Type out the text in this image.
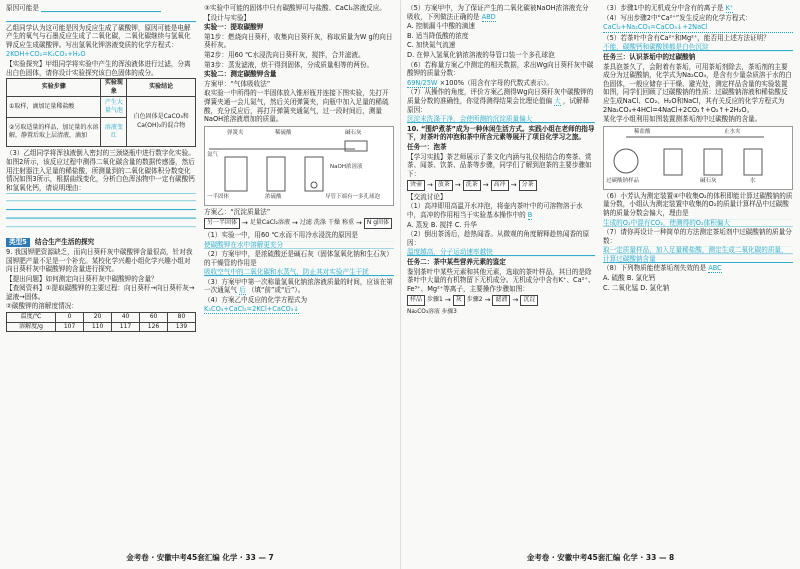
原因可能是

乙组同学认为这可能是因为反应生成了碳酸钾，原因可能是电解产生的氧气与石墨反应生成了二氧化碳，二氧化碳继续与氢氧化钾反应生成碳酸钾。写出氢氧化钾溶液变质的化学方程式：

2KOH+CO₂=K₂CO₃+H₂O

【实验探究】甲组同学将实验中产生的浑浊液体进行过滤，分离出白色固体，请你设计实验探究该白色固体的成分。

实验步骤	实验现象	实验结论
①取样，滴加足量稀盐酸	产生大量气泡	白色固体是CaCO₃和Ca(OH)₂的混合物
②另取适量的样品，加足量的水溶解，静置后取上层清液，滴加	溶液变红	

（3）乙组同学将浑浊液倒入密封的三颈烧瓶中进行数字化实验。如图2所示，该反应过程中测得二氧化碳含量的数据传感器，然后用注射器注入足量的稀盐酸，所测量到的二氧化碳体积分数变化情况如图3所示，根据曲线变化，分析白色浑浊物中一定有碳酸钙和氢氧化钙，请说明理由：

类型5 结合生产生活的探究

9. 我国钾肥资源缺乏，而向日葵秆灰中碳酸钾含量很高，针对我国钾肥产量不足是一个补充。某校化学兴趣小组化学兴趣小组对向日葵秆灰中碳酸钾的含量进行探究。

【提出问题】如何测定向日葵秆灰中碳酸钾的含量？

【查阅资料】①提取碳酸钾的主要过程：向日葵秆→向日葵秆灰→滤液→固体。

②碳酸钾的溶解度情况：

温度/℃	0	20	40	60	80
溶解度/g	107	110	117	126	139

③实验中可能的固体中只有碳酸钾可与盐酸、CaCl₂溶液反应。

【设计与实验】

实验一：提取碳酸钾

第1步：燃烧向日葵秆，收集向日葵秆灰，称取质量为W g的向日葵秆灰。

第2步：用60 ℃水浸洗向日葵秆灰，搅拌，合并滤液。

第3步：蒸发滤液，烘干得到固体，分成质量相等的两份。

实验二：测定碳酸钾含量

方案甲：“气体吸收法”

取实验一中所得的一半固体放入锥形瓶并连接下图实验，先打开弹簧夹通一会儿氮气，然后关闭弹簧夹，向瓶中加入足量的稀硫酸，充分反应后，再打开弹簧夹通氮气，过一段时间后，测量NaOH浓溶液增加的质量。

弹簧夹	稀硫酸	碱石灰
氮气
一半固体	浓硫酸
NaOH浓溶液
导管下端有一多孔球泡

方案乙：“沉淀质量法”

另一半固体 → 足量CaCl₂溶液 → 过滤 洗涤 干燥 称重 → N g固体

（1）实验一中，用60 ℃水而不用冷水浸洗的原因是

使碳酸钾在水中溶解更充分

（2）方案甲中，是浓硫酸还是碱石灰（固体氢氧化钠和生石灰）的干燥管的作用是

吸收空气中的二氧化碳和水蒸气，防止其对实验产生干扰

（3）方案甲中第一次称量氢氧化钠浓溶液质量的时间，应该在第一次通氮气 后 （填“前”或“后”）。

（4）方案乙中反应的化学方程式为 K₂CO₃+CaCl₂=2KCl+CaCO₃↓

金考卷 · 安徽中考45套汇编 化学 · 33 — 7

（5）方案甲中，为了保证产生的二氧化碳被NaOH浓溶液充分吸收，下列做法正确的是 ABD

A. 控制漏斗中酸的滴速

B. 适当降低酸的浓度

C. 加快氮气流速

D. 在伸入氢氧化钠浓溶液的导管口装一个多孔球泡

（6）若称量方案乙中测定的相关数据，求出Wg向日葵秆灰中碳酸钾的质量分数：

69N/25W ×100%（用含有字母的代数式表示）。

（7）从操作的角度，评价方案乙测得Wg向日葵秆灰中碳酸钾的质量分数的准确性，你觉得测得结果会比理论值偏 大 ，试解释原因：

沉淀未洗涤干净，会使所测的沉淀质量偏大

10. “围炉煮茶”成为一种休闲生活方式。实践小组在老师的指导下，对茶叶的冲泡和茶中所含元素等展开了项目化学习之旅。

任务一：泡茶

【学习实践】茶艺师展示了茶文化内涵与礼仪相结合的奏茶、赏茶、闻茶、饮茶、品茶等步骤，同学们了解到泡茶的主要步骤如下：

烫壶 → 放茶 → 洗茶 → 高冲 → 分茶

【交流讨论】

（1）高冲即用高温开水冲泡，将壶内茶叶中的可溶物溶于水中，高冲的作用相当于实验基本操作中的 B

A. 蒸发 B. 搅拌 C. 升华

（2）倒出茶汤后，趁热闻香。从微观的角度解释趁热闻香的原因：

温度越高，分子运动速率越快

任务二：茶中某些营养元素的鉴定

鉴别茶叶中某些元素和其他元素，选取的茶叶样品，其目的是除茶叶中大量的有机物留下无机成分。无机成分中含有K⁺、Ca²⁺、Fe³⁺、Mg²⁺等离子，主要操作步骤如图：

样品 步骤1 → 灰 步骤2 → 滤液 → 沉淀

Na₂CO₃溶液 步骤3

（3）步骤1中的无机成分中含有的离子是 K⁺

（4）写出步骤2中“Ca²⁺”发生反应的化学方程式：

CaCl₂+Na₂CO₃=CaCO₃↓+2NaCl

（5）若茶叶中含有Ca²⁺和Mg²⁺，能否用上述方法证明？

不能，碳酸钙和碳酸镁都是白色沉淀

任务三：认识茶垢中的过碳酸钠

茶具泡茶久了，会附着有茶垢，可用茶垢剂除去，茶垢剂的主要成分为过碳酸钠，化学式为Na₂CO₄，是含有少量杂质溶于水的白色固体，一般应储存于干燥、避光处，测定样品含量的实验装置如图，同学们回顾了过碳酸钠的性质：过碳酸钠溶液和稀盐酸反应生成NaCl、CO₂、H₂O和NaCl，其有关反应的化学方程式为2Na₂CO₄+4HCl=4NaCl+2CO₂↑+O₂↑+2H₂O。

某化学小组利用如图装置测茶垢剂中过碳酸钠的含量。

过碳酸钠样品
稀盐酸
碱石灰	水
止水夹

（6）小芳认为测定装置④中收集O₂的体积即能计算过碳酸钠的质量分数，小组认为测定装置中收集的O₂的质量计算样品中过碳酸钠的质量分数会偏大，理由是

生成的O₂中混有CO₂，使测得的O₂体积偏大

（7）请你再设计一种简单的方法测定茶垢剂中过碳酸钠的质量分数：

取一定质量样品，加入足量稀盐酸，测定生成二氧化碳的质量，计算过碳酸钠含量

（8）下列物质能使茶垢剂失效的是 ABC

A. 硫酸 B. 氯化钙

C. 二氧化锰 D. 氯化钠

金考卷 · 安徽中考45套汇编 化学 · 33 — 8
